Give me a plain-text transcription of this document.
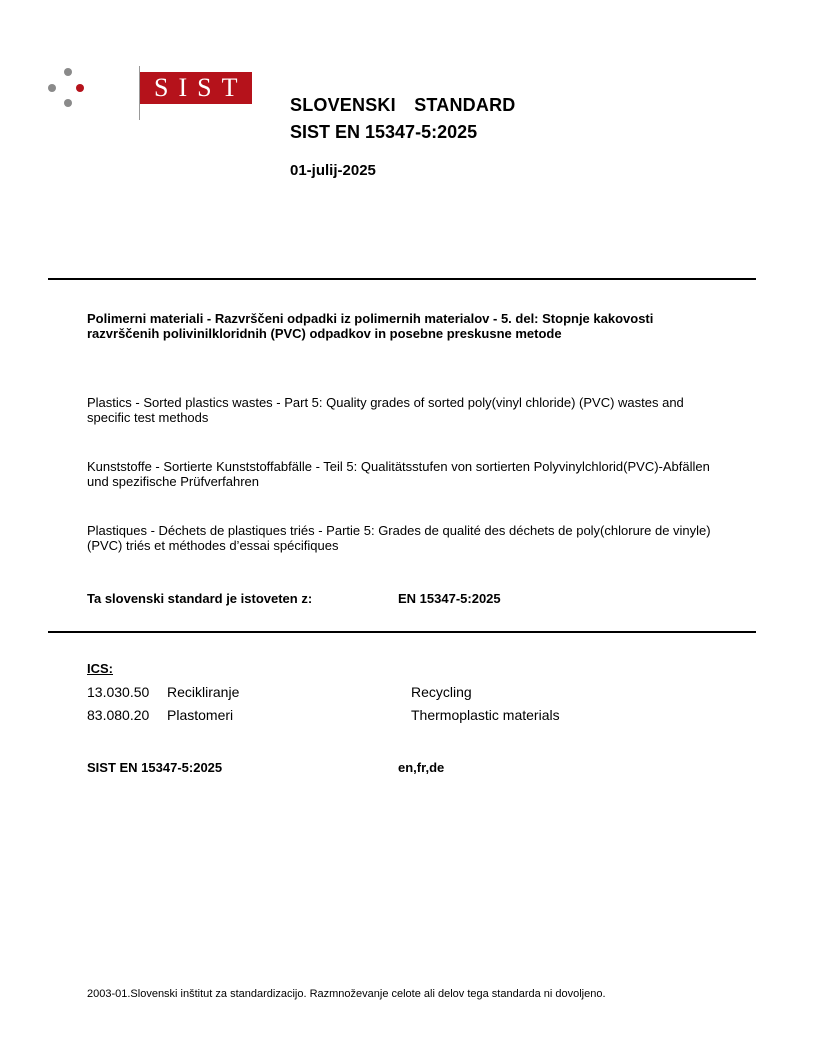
SIST
SLOVENSKI  STANDARD
SIST EN 15347-5:2025
01-julij-2025
Polimerni materiali - Razvrščeni odpadki iz polimernih materialov - 5. del: Stopnje kakovosti razvrščenih polivinilkloridnih (PVC) odpadkov in posebne preskusne metode
Plastics - Sorted plastics wastes - Part 5: Quality grades of sorted poly(vinyl chloride) (PVC) wastes and specific test methods
Kunststoffe - Sortierte Kunststoffabfälle - Teil 5: Qualitätsstufen von sortierten Polyvinylchlorid(PVC)-Abfällen und spezifische Prüfverfahren
Plastiques - Déchets de plastiques triés - Partie 5: Grades de qualité des déchets de poly(chlorure de vinyle) (PVC) triés et méthodes d’essai spécifiques
Ta slovenski standard je istoveten z:	EN 15347-5:2025
ICS:
13.030.50 Recikliranje	Recycling
83.080.20 Plastomeri	Thermoplastic materials
SIST EN 15347-5:2025	en,fr,de
2003-01.Slovenski inštitut za standardizacijo. Razmnoževanje celote ali delov tega standarda ni dovoljeno.
